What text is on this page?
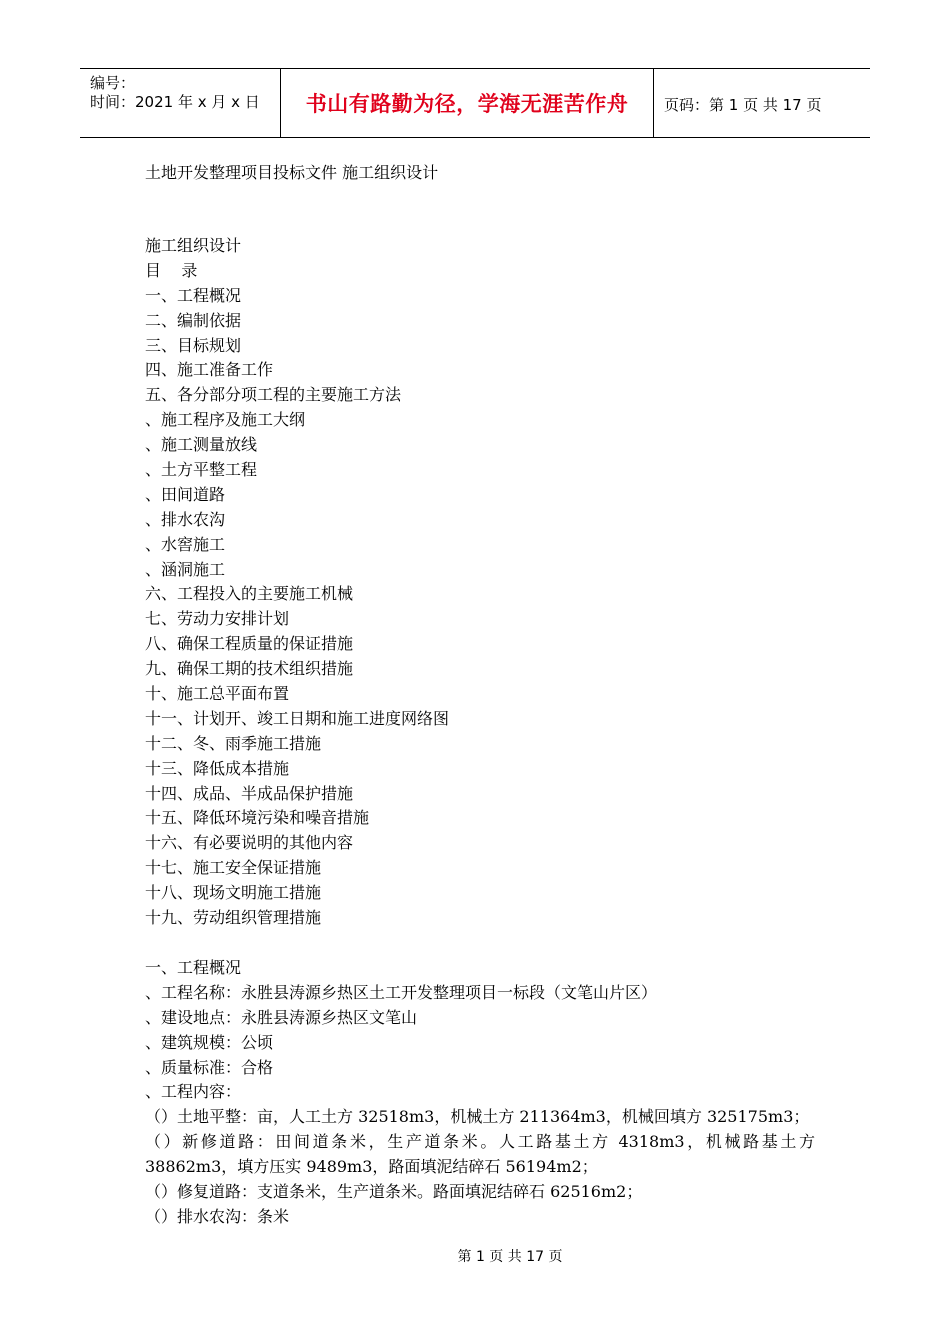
编号：
时间：2021 年 x 月 x 日 书山有路勤为径，学海无涯苦作舟 页码：第 1 页 共 17 页
土地开发整理项目投标文件 施工组织设计
施工组织设计
目    录
一、工程概况
二、编制依据
三、目标规划
四、施工准备工作
五、各分部分项工程的主要施工方法
、施工程序及施工大纲
、施工测量放线
、土方平整工程
、田间道路
、排水农沟
、水窖施工
、涵洞施工
六、工程投入的主要施工机械
七、劳动力安排计划
八、确保工程质量的保证措施
九、确保工期的技术组织措施
十、施工总平面布置
十一、计划开、竣工日期和施工进度网络图
十二、冬、雨季施工措施
十三、降低成本措施
十四、成品、半成品保护措施
十五、降低环境污染和噪音措施
十六、有必要说明的其他内容
十七、施工安全保证措施
十八、现场文明施工措施
十九、劳动组织管理措施
一、工程概况
、工程名称：永胜县涛源乡热区土工开发整理项目一标段（文笔山片区）
、建设地点：永胜县涛源乡热区文笔山
、建筑规模：公顷
、质量标准：合格
、工程内容：
（）土地平整：亩，人工土方 32518m3，机械土方 211364m3，机械回填方 325175m3；
（）新修道路：田间道条米，生产道条米。人工路基土方 4318m3，机械路基土方 38862m3，填方压实 9489m3，路面填泥结碎石 56194m2；
（）修复道路：支道条米，生产道条米。路面填泥结碎石 62516m2；
（）排水农沟：条米
第 1 页 共 17 页
